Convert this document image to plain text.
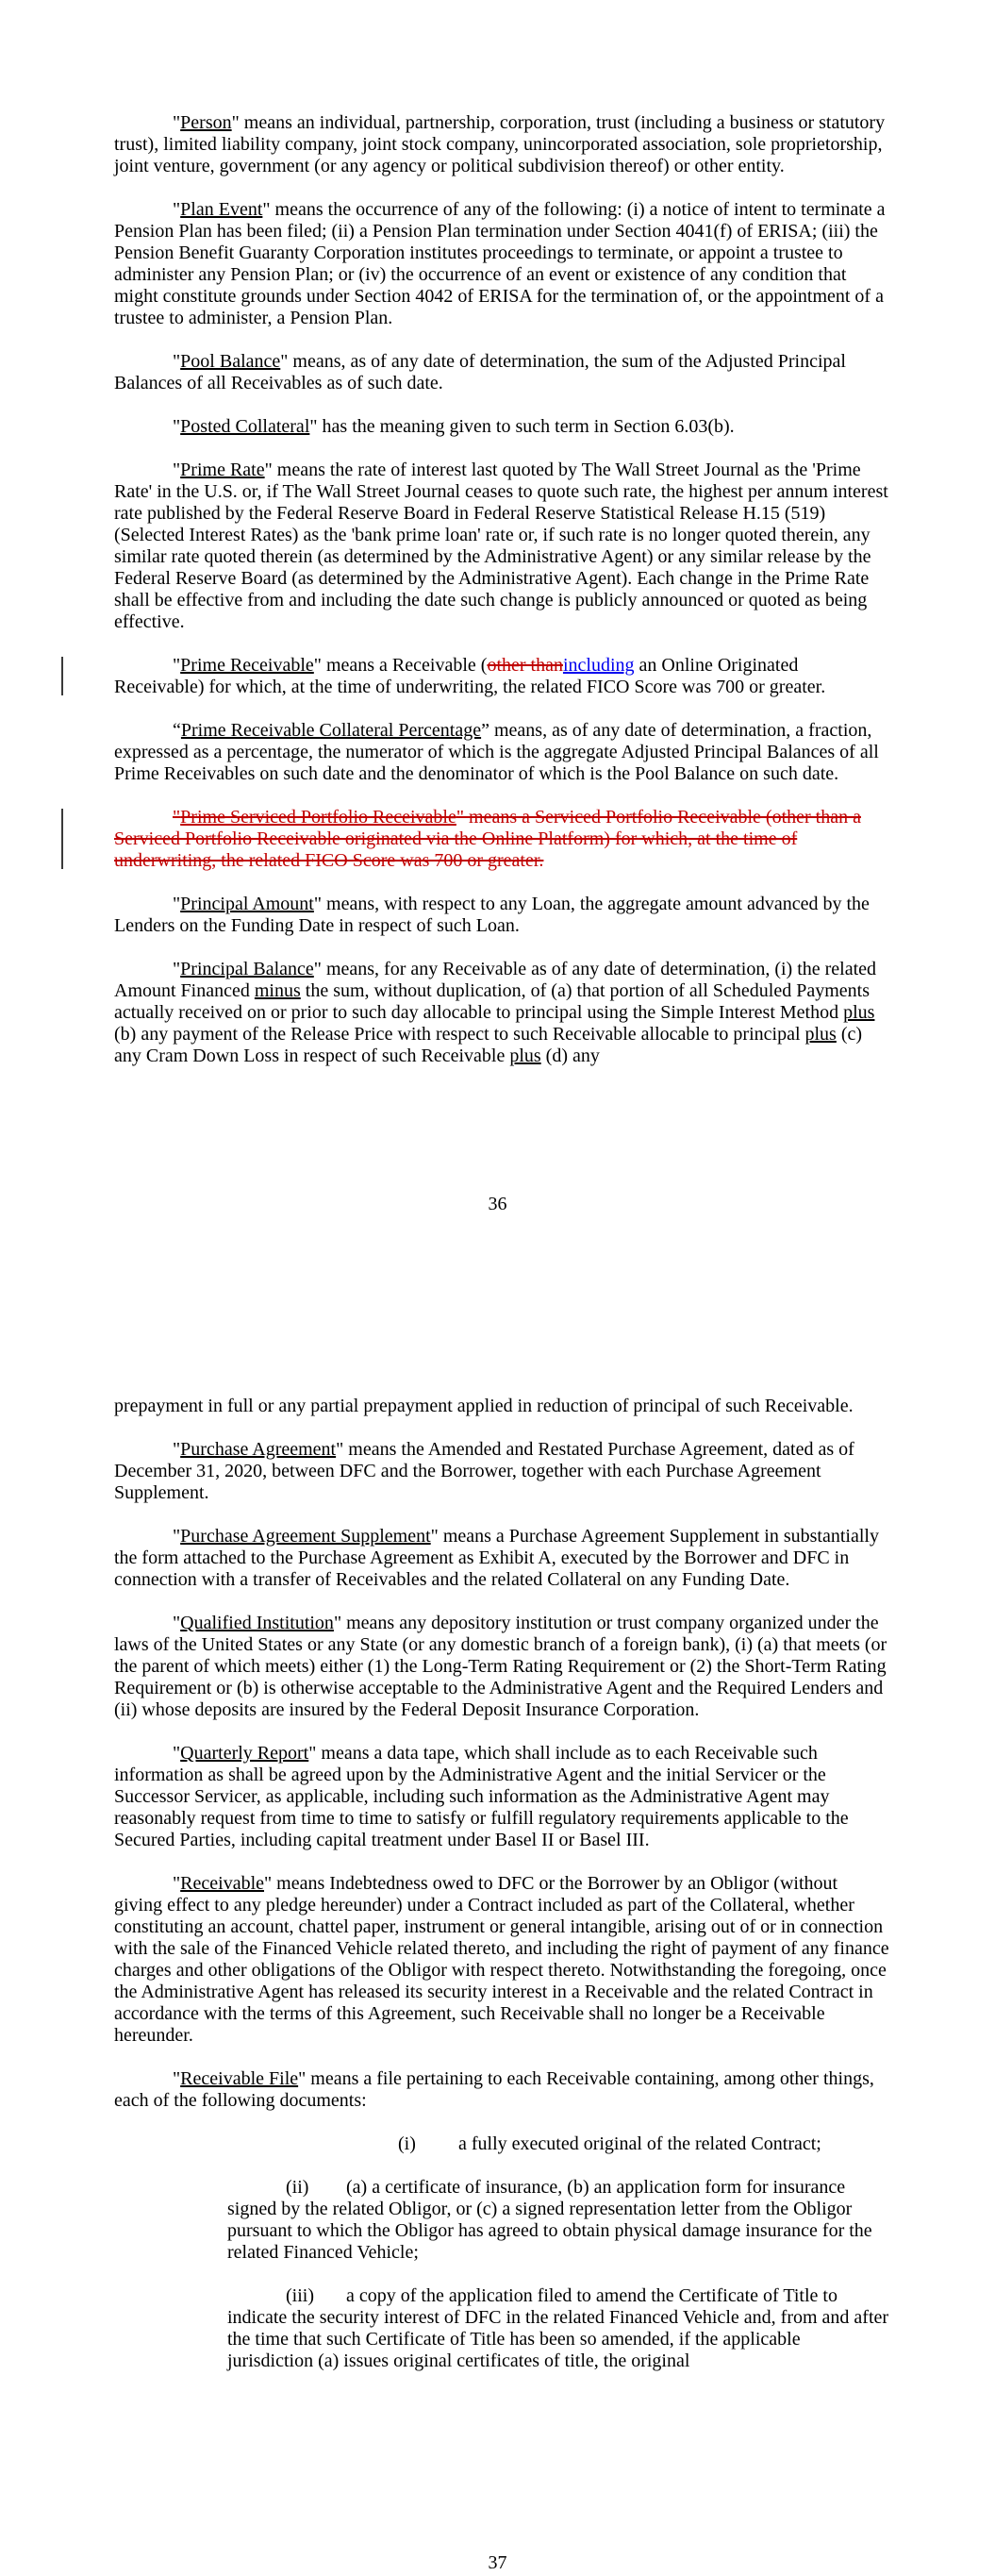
"Person" means an individual, partnership, corporation, trust (including a business or statutory trust), limited liability company, joint stock company, unincorporated association, sole proprietorship, joint venture, government (or any agency or political subdivision thereof) or other entity.

"Plan Event" means the occurrence of any of the following: (i) a notice of intent to terminate a Pension Plan has been filed; (ii) a Pension Plan termination under Section 4041(f) of ERISA; (iii) the Pension Benefit Guaranty Corporation institutes proceedings to terminate, or appoint a trustee to administer any Pension Plan; or (iv) the occurrence of an event or existence of any condition that might constitute grounds under Section 4042 of ERISA for the termination of, or the appointment of a trustee to administer, a Pension Plan.

"Pool Balance" means, as of any date of determination, the sum of the Adjusted Principal Balances of all Receivables as of such date.

"Posted Collateral" has the meaning given to such term in Section 6.03(b).

"Prime Rate" means the rate of interest last quoted by The Wall Street Journal as the 'Prime Rate' in the U.S. or, if The Wall Street Journal ceases to quote such rate, the highest per annum interest rate published by the Federal Reserve Board in Federal Reserve Statistical Release H.15 (519) (Selected Interest Rates) as the 'bank prime loan' rate or, if such rate is no longer quoted therein, any similar rate quoted therein (as determined by the Administrative Agent) or any similar release by the Federal Reserve Board (as determined by the Administrative Agent). Each change in the Prime Rate shall be effective from and including the date such change is publicly announced or quoted as being effective.

"Prime Receivable" means a Receivable (other thanincluding an Online Originated Receivable) for which, at the time of underwriting, the related FICO Score was 700 or greater.

“Prime Receivable Collateral Percentage” means, as of any date of determination, a fraction, expressed as a percentage, the numerator of which is the aggregate Adjusted Principal Balances of all Prime Receivables on such date and the denominator of which is the Pool Balance on such date.

"Prime Serviced Portfolio Receivable" means a Serviced Portfolio Receivable (other than a Serviced Portfolio Receivable originated via the Online Platform) for which, at the time of underwriting, the related FICO Score was 700 or greater.

"Principal Amount" means, with respect to any Loan, the aggregate amount advanced by the Lenders on the Funding Date in respect of such Loan.

"Principal Balance" means, for any Receivable as of any date of determination, (i) the related Amount Financed minus the sum, without duplication, of (a) that portion of all Scheduled Payments actually received on or prior to such day allocable to principal using the Simple Interest Method plus (b) any payment of the Release Price with respect to such Receivable allocable to principal plus (c) any Cram Down Loss in respect of such Receivable plus (d) any

36

prepayment in full or any partial prepayment applied in reduction of principal of such Receivable.

"Purchase Agreement" means the Amended and Restated Purchase Agreement, dated as of December 31, 2020, between DFC and the Borrower, together with each Purchase Agreement Supplement.

"Purchase Agreement Supplement" means a Purchase Agreement Supplement in substantially the form attached to the Purchase Agreement as Exhibit A, executed by the Borrower and DFC in connection with a transfer of Receivables and the related Collateral on any Funding Date.

"Qualified Institution" means any depository institution or trust company organized under the laws of the United States or any State (or any domestic branch of a foreign bank), (i) (a) that meets (or the parent of which meets) either (1) the Long-Term Rating Requirement or (2) the Short-Term Rating Requirement or (b) is otherwise acceptable to the Administrative Agent and the Required Lenders and (ii) whose deposits are insured by the Federal Deposit Insurance Corporation.

"Quarterly Report" means a data tape, which shall include as to each Receivable such information as shall be agreed upon by the Administrative Agent and the initial Servicer or the Successor Servicer, as applicable, including such information as the Administrative Agent may reasonably request from time to time to satisfy or fulfill regulatory requirements applicable to the Secured Parties, including capital treatment under Basel II or Basel III.

"Receivable" means Indebtedness owed to DFC or the Borrower by an Obligor (without giving effect to any pledge hereunder) under a Contract included as part of the Collateral, whether constituting an account, chattel paper, instrument or general intangible, arising out of or in connection with the sale of the Financed Vehicle related thereto, and including the right of payment of any finance charges and other obligations of the Obligor with respect thereto. Notwithstanding the foregoing, once the Administrative Agent has released its security interest in a Receivable and the related Contract in accordance with the terms of this Agreement, such Receivable shall no longer be a Receivable hereunder.

"Receivable File" means a file pertaining to each Receivable containing, among other things, each of the following documents:

(i) a fully executed original of the related Contract;

(ii) (a) a certificate of insurance, (b) an application form for insurance signed by the related Obligor, or (c) a signed representation letter from the Obligor pursuant to which the Obligor has agreed to obtain physical damage insurance for the related Financed Vehicle;

(iii) a copy of the application filed to amend the Certificate of Title to indicate the security interest of DFC in the related Financed Vehicle and, from and after the time that such Certificate of Title has been so amended, if the applicable jurisdiction (a) issues original certificates of title, the original

37
